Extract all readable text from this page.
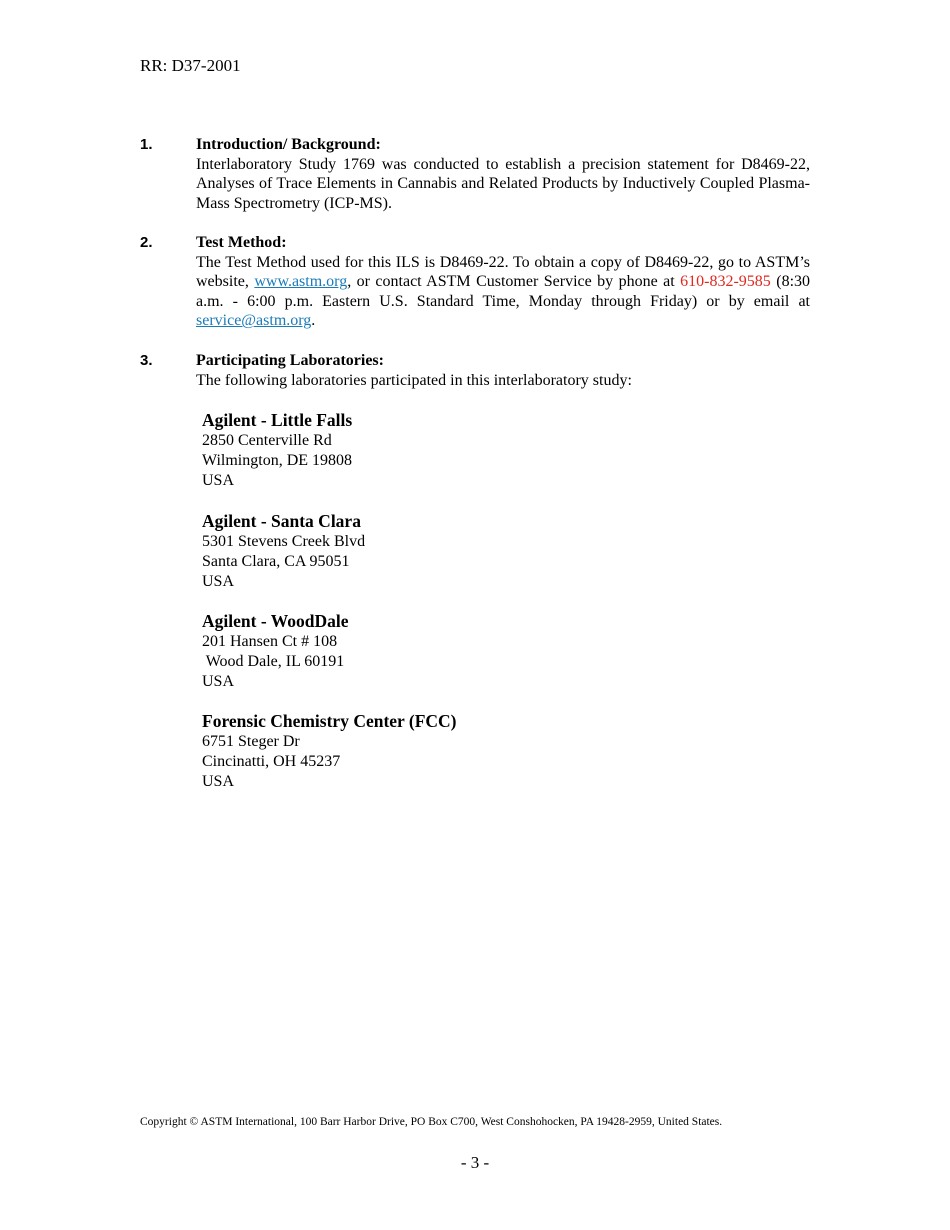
RR: D37-2001
1.	Introduction/ Background:
Interlaboratory Study 1769 was conducted to establish a precision statement for D8469-22, Analyses of Trace Elements in Cannabis and Related Products by Inductively Coupled Plasma-Mass Spectrometry (ICP-MS).
2.	Test Method:
The Test Method used for this ILS is D8469-22. To obtain a copy of D8469-22, go to ASTM’s website, www.astm.org, or contact ASTM Customer Service by phone at 610-832-9585 (8:30 a.m. - 6:00 p.m. Eastern U.S. Standard Time, Monday through Friday) or by email at service@astm.org.
3.	Participating Laboratories:
The following laboratories participated in this interlaboratory study:
Agilent - Little Falls
2850 Centerville Rd
Wilmington, DE 19808
USA
Agilent - Santa Clara
5301 Stevens Creek Blvd
Santa Clara, CA 95051
USA
Agilent - WoodDale
201 Hansen Ct # 108
Wood Dale, IL 60191
USA
Forensic Chemistry Center (FCC)
6751 Steger Dr
Cincinatti, OH 45237
USA
Copyright © ASTM International, 100 Barr Harbor Drive, PO Box C700, West Conshohocken, PA 19428-2959, United States.
- 3 -
